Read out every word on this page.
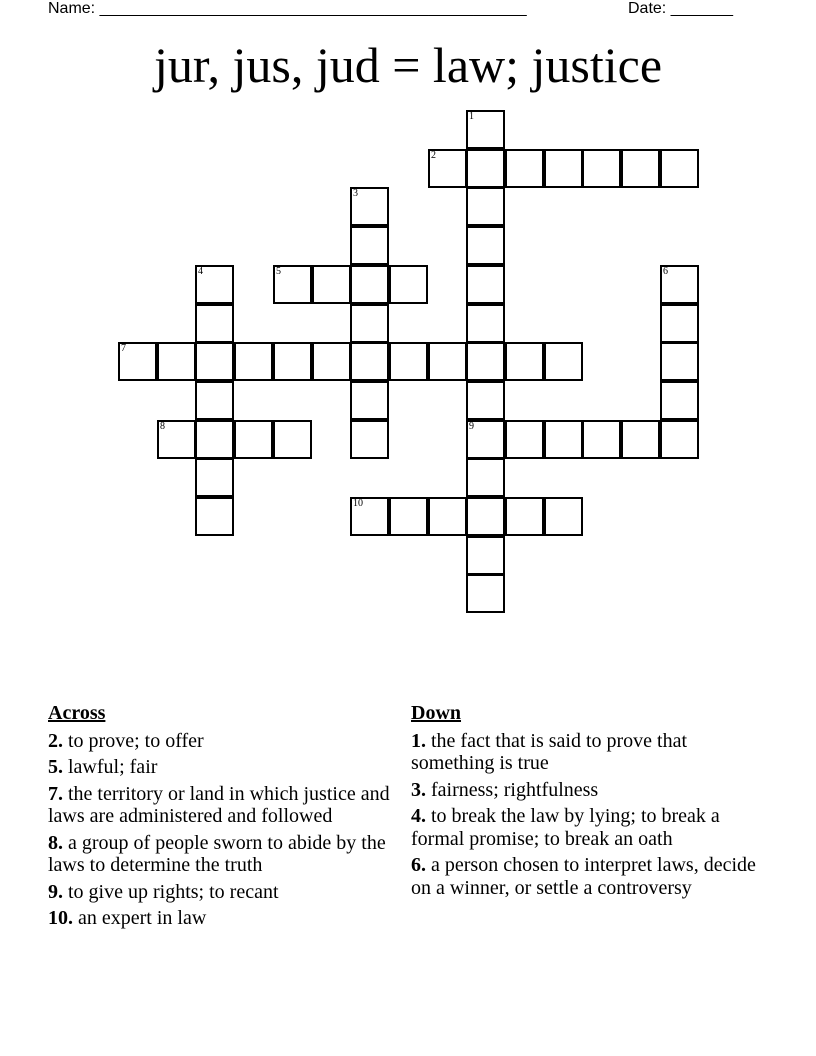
Name: ________________________________________________	Date: _______
jur, jus, jud = law; justice
1
9
2
3
4	5	6
7
8
10
Across
2. to prove; to offer
5. lawful; fair
7. the territory or land in which justice and laws are administered and followed
8. a group of people sworn to abide by the laws to determine the truth
9. to give up rights; to recant
10. an expert in law
Down
1. the fact that is said to prove that something is true
3. fairness; rightfulness
4. to break the law by lying; to break a formal promise; to break an oath
6. a person chosen to interpret laws, decide on a winner, or settle a controversy
